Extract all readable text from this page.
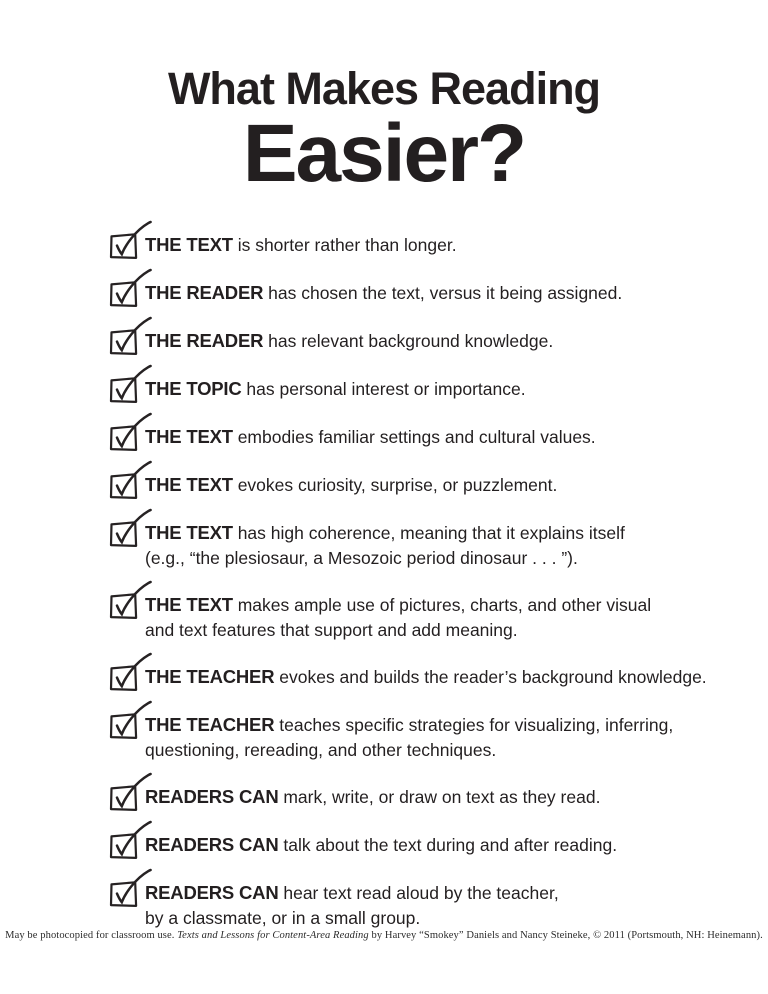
What Makes Reading
Easier?
THE TEXT is shorter rather than longer.
THE READER has chosen the text, versus it being assigned.
THE READER has relevant background knowledge.
THE TOPIC has personal interest or importance.
THE TEXT embodies familiar settings and cultural values.
THE TEXT evokes curiosity, surprise, or puzzlement.
THE TEXT has high coherence, meaning that it explains itself
(e.g., “the plesiosaur, a Mesozoic period dinosaur . . . ”).
THE TEXT makes ample use of pictures, charts, and other visual
and text features that support and add meaning.
THE TEACHER evokes and builds the reader’s background knowledge.
THE TEACHER teaches specific strategies for visualizing, inferring,
questioning, rereading, and other techniques.
READERS CAN mark, write, or draw on text as they read.
READERS CAN talk about the text during and after reading.
READERS CAN hear text read aloud by the teacher,
by a classmate, or in a small group.
May be photocopied for classroom use. Texts and Lessons for Content-Area Reading by Harvey “Smokey” Daniels and Nancy Steineke, © 2011 (Portsmouth, NH: Heinemann).
